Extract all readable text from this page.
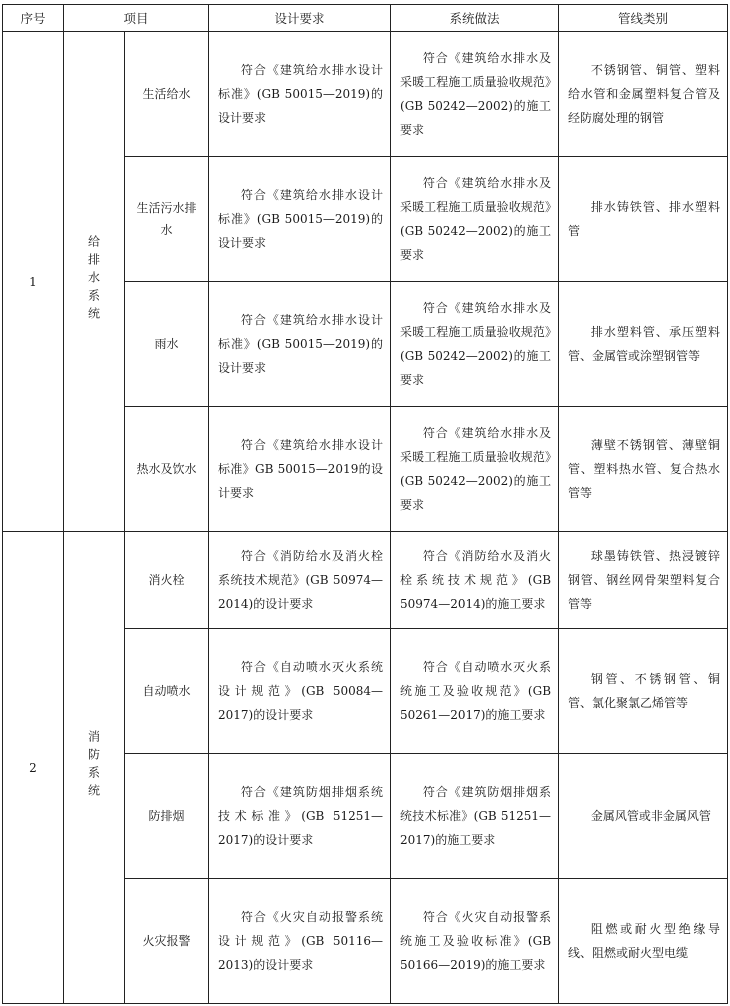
序号	项目		设计要求	系统做法	管线类别
1	给排水系统	生活给水	符合《建筑给水排水设计标准》(GB 50015—2019)的设计要求	符合《建筑给水排水及采暖工程施工质量验收规范》(GB 50242—2002)的施工要求	不锈钢管、铜管、塑料给水管和金属塑料复合管及经防腐处理的钢管

		生活污水排水	符合《建筑给水排水设计标准》(GB 50015—2019)的设计要求	符合《建筑给水排水及采暖工程施工质量验收规范》(GB 50242—2002)的施工要求	排水铸铁管、排水塑料管

		雨水	符合《建筑给水排水设计标准》(GB 50015—2019)的设计要求	符合《建筑给水排水及采暖工程施工质量验收规范》(GB 50242—2002)的施工要求	排水塑料管、承压塑料管、金属管或涂塑钢管等

		热水及饮水	符合《建筑给水排水设计标准》GB 50015—2019的设计要求	符合《建筑给水排水及采暖工程施工质量验收规范》(GB 50242—2002)的施工要求	薄壁不锈钢管、薄壁铜管、塑料热水管、复合热水管等

2	消防系统	消火栓	符合《消防给水及消火栓系统技术规范》(GB 50974—2014)的设计要求	符合《消防给水及消火栓系统技术规范》(GB 50974—2014)的施工要求	球墨铸铁管、热浸镀锌钢管、钢丝网骨架塑料复合管等

		自动喷水	符合《自动喷水灭火系统设计规范》(GB 50084—2017)的设计要求	符合《自动喷水灭火系统施工及验收规范》(GB 50261—2017)的施工要求	钢管、不锈钢管、铜管、氯化聚氯乙烯管等

		防排烟	符合《建筑防烟排烟系统技术标准》(GB 51251—2017)的设计要求	符合《建筑防烟排烟系统技术标准》(GB 51251—2017)的施工要求	金属风管或非金属风管

		火灾报警	符合《火灾自动报警系统设计规范》(GB 50116—2013)的设计要求	符合《火灾自动报警系统施工及验收标准》(GB 50166—2019)的施工要求	阻燃或耐火型绝缘导线、阻燃或耐火型电缆
